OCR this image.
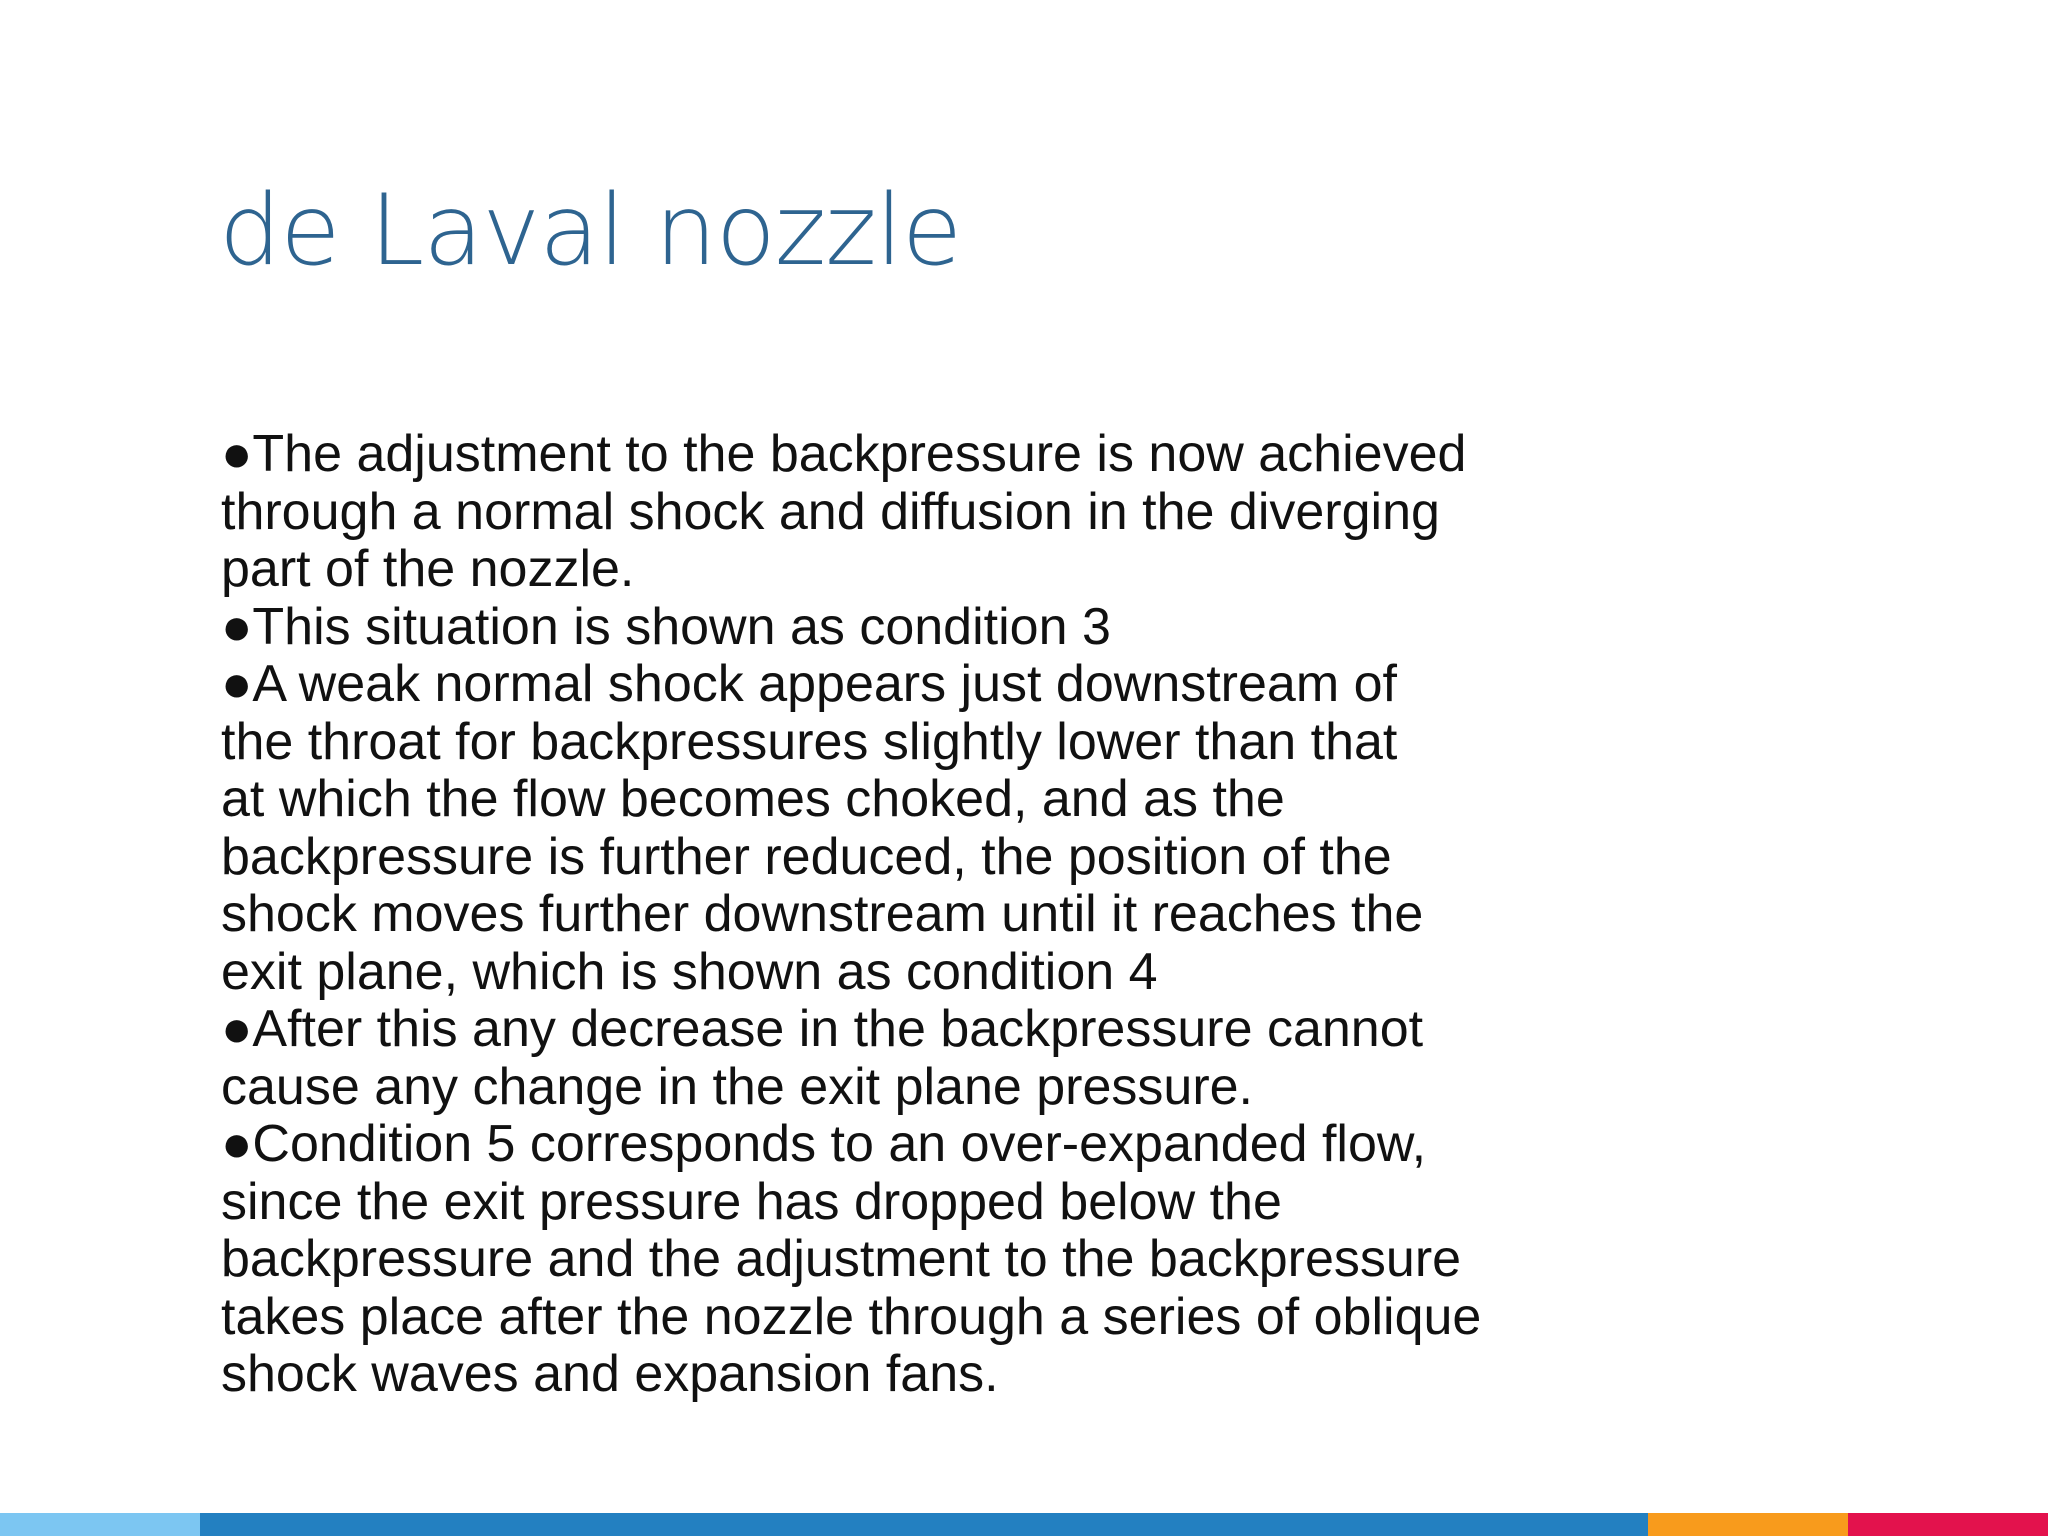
de Laval nozzle
●The adjustment to the backpressure is now achieved
through a normal shock and diffusion in the diverging
part of the nozzle.
●This situation is shown as condition 3
●A weak normal shock appears just downstream of
the throat for backpressures slightly lower than that
at which the flow becomes choked, and as the
backpressure is further reduced, the position of the
shock moves further downstream until it reaches the
exit plane, which is shown as condition 4
●After this any decrease in the backpressure cannot
cause any change in the exit plane pressure.
●Condition 5 corresponds to an over-expanded flow,
since the exit pressure has dropped below the
backpressure and the adjustment to the backpressure
takes place after the nozzle through a series of oblique
shock waves and expansion fans.
